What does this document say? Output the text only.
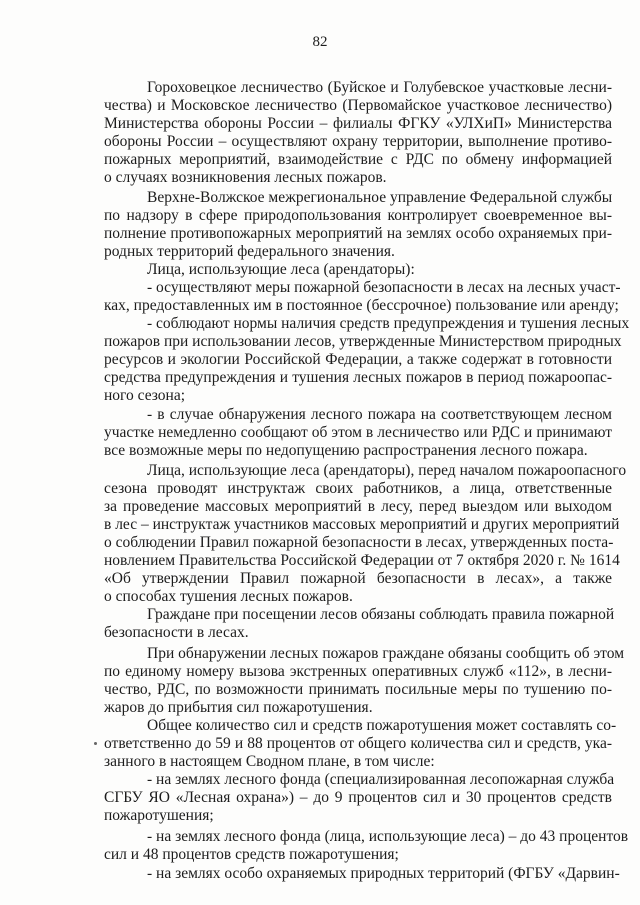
82
Гороховецкое лесничество (Буйское и Голубевское участковые лесни-
чества) и Московское лесничество (Первомайское участковое лесничество)
Министерства обороны России – филиалы ФГКУ «УЛХиП» Министерства
обороны России – осуществляют охрану территории, выполнение противо-
пожарных мероприятий, взаимодействие с РДС по обмену информацией
о случаях возникновения лесных пожаров.
Верхне-Волжское межрегиональное управление Федеральной службы
по надзору в сфере природопользования контролирует своевременное вы-
полнение противопожарных мероприятий на землях особо охраняемых при-
родных территорий федерального значения.
Лица, использующие леса (арендаторы):
- осуществляют меры пожарной безопасности в лесах на лесных участ-
ках, предоставленных им в постоянное (бессрочное) пользование или аренду;
- соблюдают нормы наличия средств предупреждения и тушения лесных
пожаров при использовании лесов, утвержденные Министерством природных
ресурсов и экологии Российской Федерации, а также содержат в готовности
средства предупреждения и тушения лесных пожаров в период пожароопас-
ного сезона;
- в случае обнаружения лесного пожара на соответствующем лесном
участке немедленно сообщают об этом в лесничество или РДС и принимают
все возможные меры по недопущению распространения лесного пожара.
Лица, использующие леса (арендаторы), перед началом пожароопасного
сезона проводят инструктаж своих работников, а лица, ответственные
за проведение массовых мероприятий в лесу, перед выездом или выходом
в лес – инструктаж участников массовых мероприятий и других мероприятий
о соблюдении Правил пожарной безопасности в лесах, утвержденных поста-
новлением Правительства Российской Федерации от 7 октября 2020 г. № 1614
«Об утверждении Правил пожарной безопасности в лесах», а также
о способах тушения лесных пожаров.
Граждане при посещении лесов обязаны соблюдать правила пожарной
безопасности в лесах.
При обнаружении лесных пожаров граждане обязаны сообщить об этом
по единому номеру вызова экстренных оперативных служб «112», в лесни-
чество, РДС, по возможности принимать посильные меры по тушению по-
жаров до прибытия сил пожаротушения.
Общее количество сил и средств пожаротушения может составлять со-
ответственно до 59 и 88 процентов от общего количества сил и средств, ука-
занного в настоящем Сводном плане, в том числе:
- на землях лесного фонда (специализированная лесопожарная служба
СГБУ ЯО «Лесная охрана») – до 9 процентов сил и 30 процентов средств
пожаротушения;
- на землях лесного фонда (лица, использующие леса) – до 43 процентов
сил и 48 процентов средств пожаротушения;
- на землях особо охраняемых природных территорий (ФГБУ «Дарвин-
